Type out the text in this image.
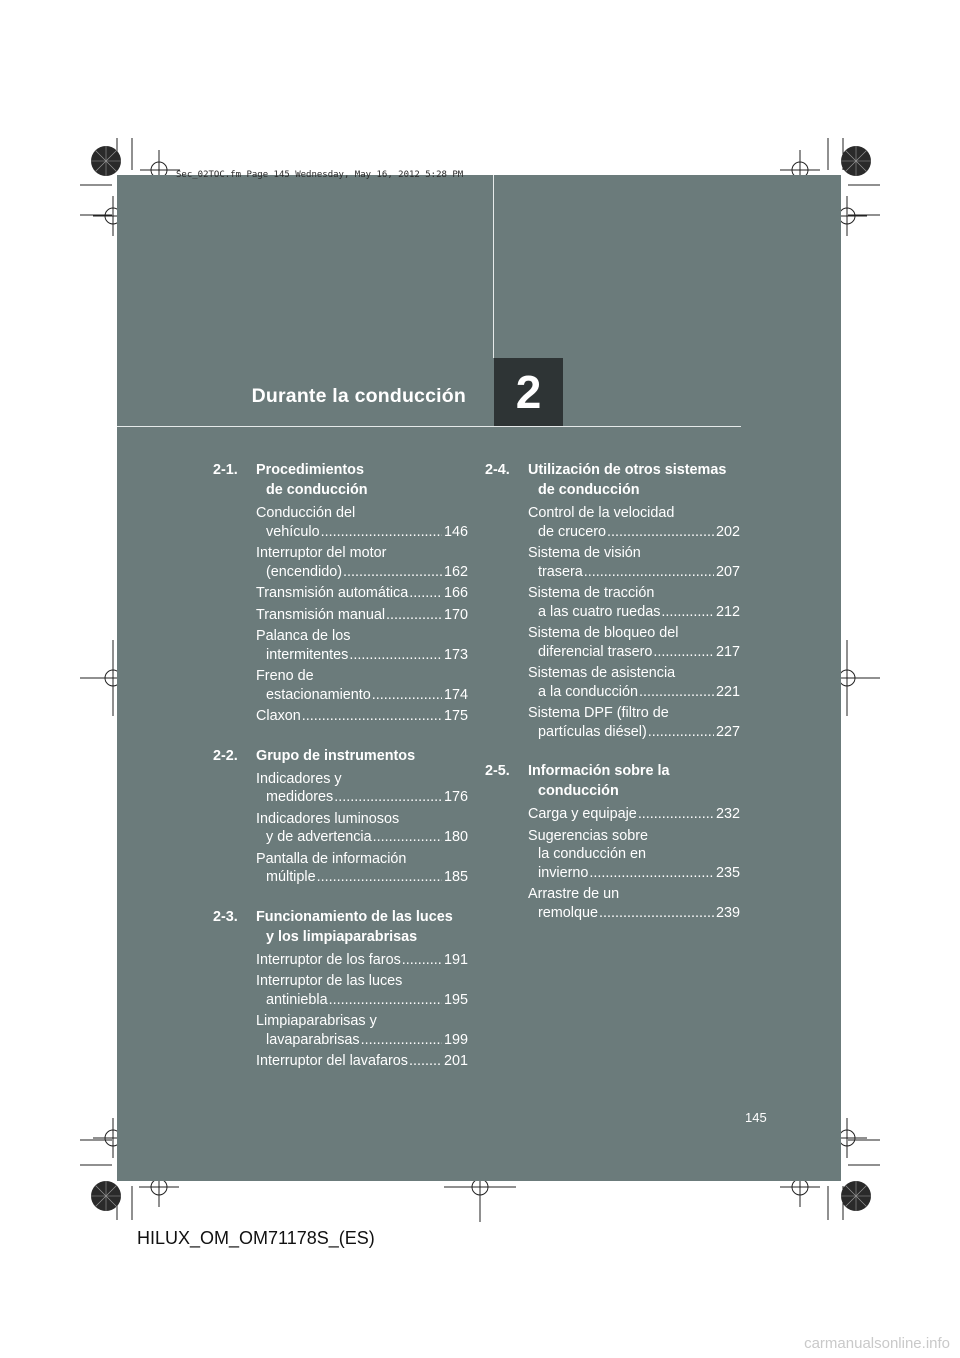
Sec_02TOC.fm Page 145 Wednesday, May 16, 2012 5:28 PM
Durante la conducción	2
2-1.	Procedimientos
de conducción
Conducción del
vehículo .....	146
Interruptor del motor
(encendido) .....	162
Transmisión automática ..... 166
Transmisión manual .....	170
Palanca de los
intermitentes .....	173
Freno de
estacionamiento .....	174
Claxon .....	175
2-2.	Grupo de instrumentos
Indicadores y
medidores .....	176
Indicadores luminosos
y de advertencia .....	180
Pantalla de información
múltiple .....	185
2-3.	Funcionamiento de las luces
y los limpiaparabrisas
Interruptor de los faros .....	191
Interruptor de las luces
antiniebla .....	195
Limpiaparabrisas y
lavaparabrisas .....	199
Interruptor del lavafaros .....	201
2-4.	Utilización de otros sistemas
de conducción
Control de la velocidad
de crucero .....	202
Sistema de visión
trasera .....	207
Sistema de tracción
a las cuatro ruedas .....	212
Sistema de bloqueo del
diferencial trasero .....	217
Sistemas de asistencia
a la conducción .....	221
Sistema DPF (filtro de
partículas diésel) .....	227
2-5.	Información sobre la
conducción
Carga y equipaje .....	232
Sugerencias sobre
la conducción en
invierno .....	235
Arrastre de un
remolque .....	239
145
HILUX_OM_OM71178S_(ES)
carmanualsonline.info
